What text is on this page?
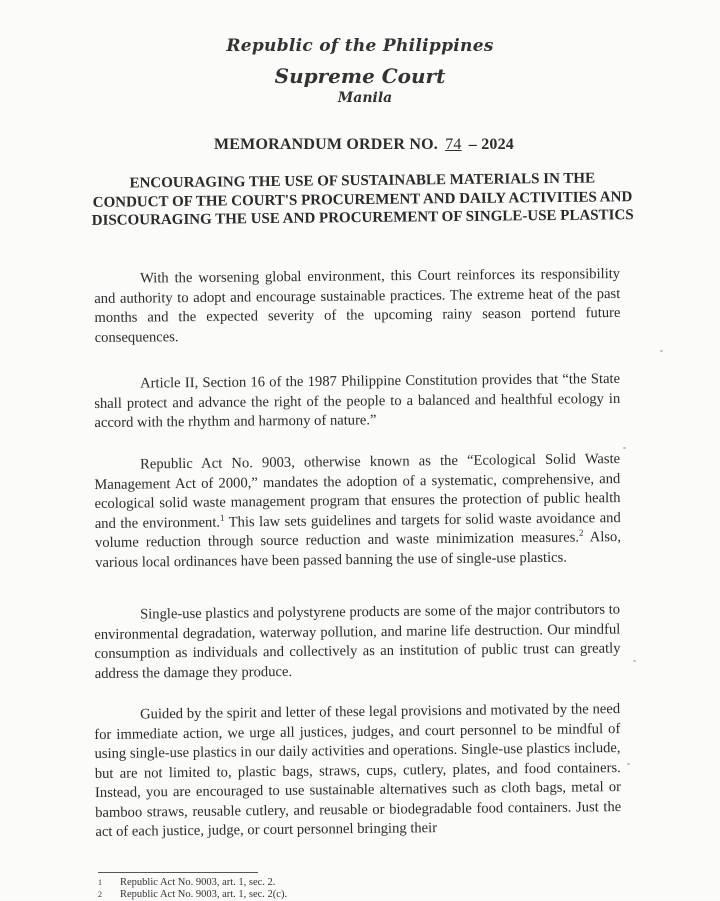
Republic of the Philippines
Supreme Court
Manila
MEMORANDUM ORDER NO. 74 – 2024
ENCOURAGING THE USE OF SUSTAINABLE MATERIALS IN THE CONDUCT OF THE COURT'S PROCUREMENT AND DAILY ACTIVITIES AND DISCOURAGING THE USE AND PROCUREMENT OF SINGLE-USE PLASTICS
With the worsening global environment, this Court reinforces its responsibility and authority to adopt and encourage sustainable practices. The extreme heat of the past months and the expected severity of the upcoming rainy season portend future consequences.
Article II, Section 16 of the 1987 Philippine Constitution provides that “the State shall protect and advance the right of the people to a balanced and healthful ecology in accord with the rhythm and harmony of nature.”
Republic Act No. 9003, otherwise known as the “Ecological Solid Waste Management Act of 2000,” mandates the adoption of a systematic, comprehensive, and ecological solid waste management program that ensures the protection of public health and the environment.$^1$ This law sets guidelines and targets for solid waste avoidance and volume reduction through source reduction and waste minimization measures.$^2$ Also, various local ordinances have been passed banning the use of single-use plastics.
Single-use plastics and polystyrene products are some of the major contributors to environmental degradation, waterway pollution, and marine life destruction. Our mindful consumption as individuals and collectively as an institution of public trust can greatly address the damage they produce.
Guided by the spirit and letter of these legal provisions and motivated by the need for immediate action, we urge all justices, judges, and court personnel to be mindful of using single-use plastics in our daily activities and operations. Single-use plastics include, but are not limited to, plastic bags, straws, cups, cutlery, plates, and food containers. Instead, you are encouraged to use sustainable alternatives such as cloth bags, metal or bamboo straws, reusable cutlery, and reusable or biodegradable food containers. Just the act of each justice, judge, or court personnel bringing their
1	Republic Act No. 9003, art. 1, sec. 2.
2	Republic Act No. 9003, art. 1, sec. 2(c).
